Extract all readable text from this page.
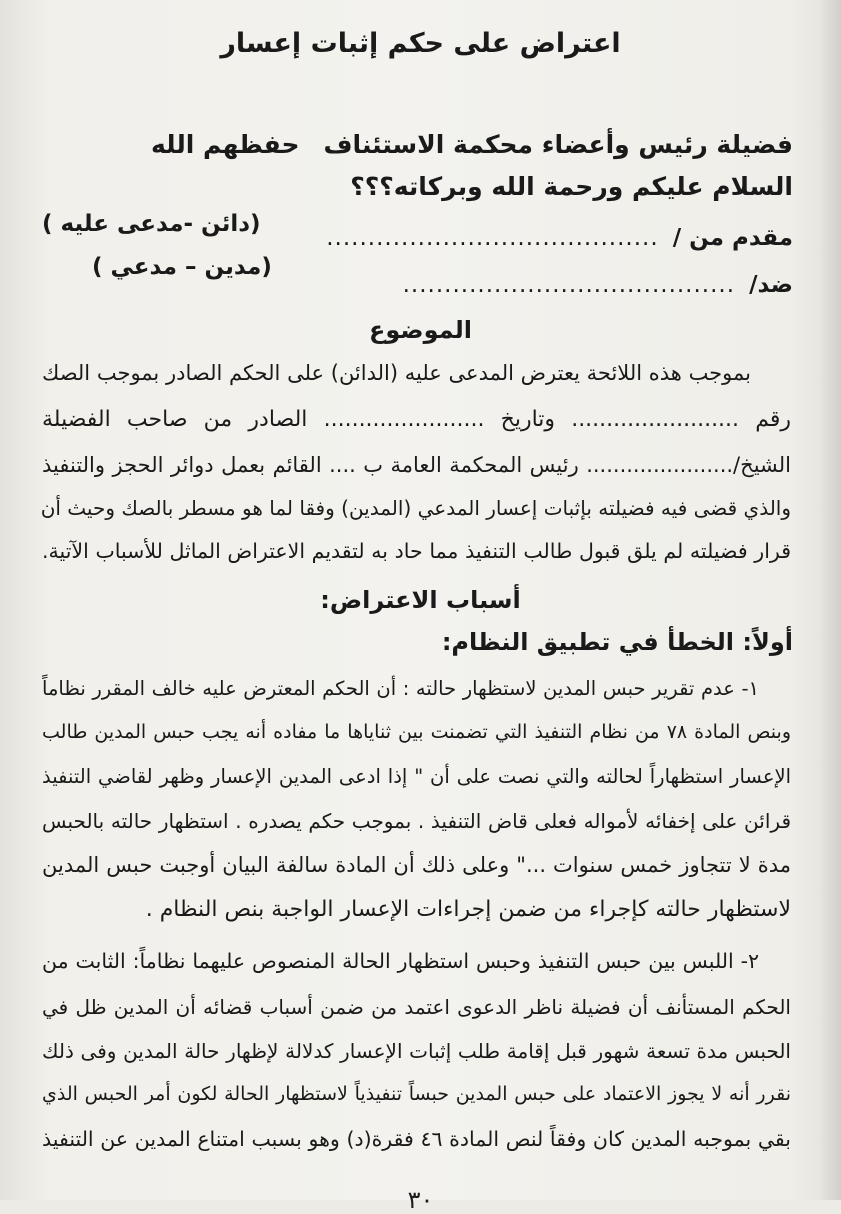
اعتراض على حكم إثبات إعسار
فضيلة رئيس وأعضاء محكمة الاستئنافحفظهم الله
السلام عليكم ورحمة الله وبركاته؟؟؟
مقدم من / ........................................
(دائن -مدعى عليه )
ضد/ ........................................
(مدين – مدعي )
الموضوع
بموجب هذه اللائحة يعترض المدعى عليه (الدائن) على الحكم الصادر بموجب الصك
رقم ........................ وتاريخ ....................... الصادر من صاحب الفضيلة
الشيخ/...................... رئيس المحكمة العامة ب .... القائم بعمل دوائر الحجز والتنفيذ
والذي قضى فيه فضيلته بإثبات إعسار المدعي (المدين) وفقا لما هو مسطر بالصك وحيث أن
قرار فضيلته لم يلق قبول طالب التنفيذ مما حاد به لتقديم الاعتراض الماثل للأسباب الآتية.
أسباب الاعتراض:
أولاً: الخطأ في تطبيق النظام:
١- عدم تقرير حبس المدين لاستظهار حالته : أن الحكم المعترض عليه خالف المقرر نظاماً
وبنص المادة ٧٨ من نظام التنفيذ التي تضمنت بين ثناياها ما مفاده أنه يجب حبس المدين طالب
الإعسار استظهاراً لحالته والتي نصت على أن " إذا ادعى المدين الإعسار وظهر لقاضي التنفيذ
قرائن على إخفائه لأمواله فعلى قاض التنفيذ . بموجب حكم يصدره . استظهار حالته بالحبس
مدة لا تتجاوز خمس سنوات ..." وعلى ذلك أن المادة سالفة البيان أوجبت حبس المدين
لاستظهار حالته كإجراء من ضمن إجراءات الإعسار الواجبة بنص النظام .
٢- اللبس بين حبس التنفيذ وحبس استظهار الحالة المنصوص عليهما نظاماً: الثابت من
الحكم المستأنف أن فضيلة ناظر الدعوى اعتمد من ضمن أسباب قضائه أن المدين ظل في
الحبس مدة تسعة شهور قبل إقامة طلب إثبات الإعسار كدلالة لإظهار حالة المدين وفى ذلك
نقرر أنه لا يجوز الاعتماد على حبس المدين حبساً تنفيذياً لاستظهار الحالة لكون أمر الحبس الذي
بقي بموجبه المدين كان وفقاً لنص المادة ٤٦ فقرة(د) وهو بسبب امتناع المدين عن التنفيذ
٣٠
